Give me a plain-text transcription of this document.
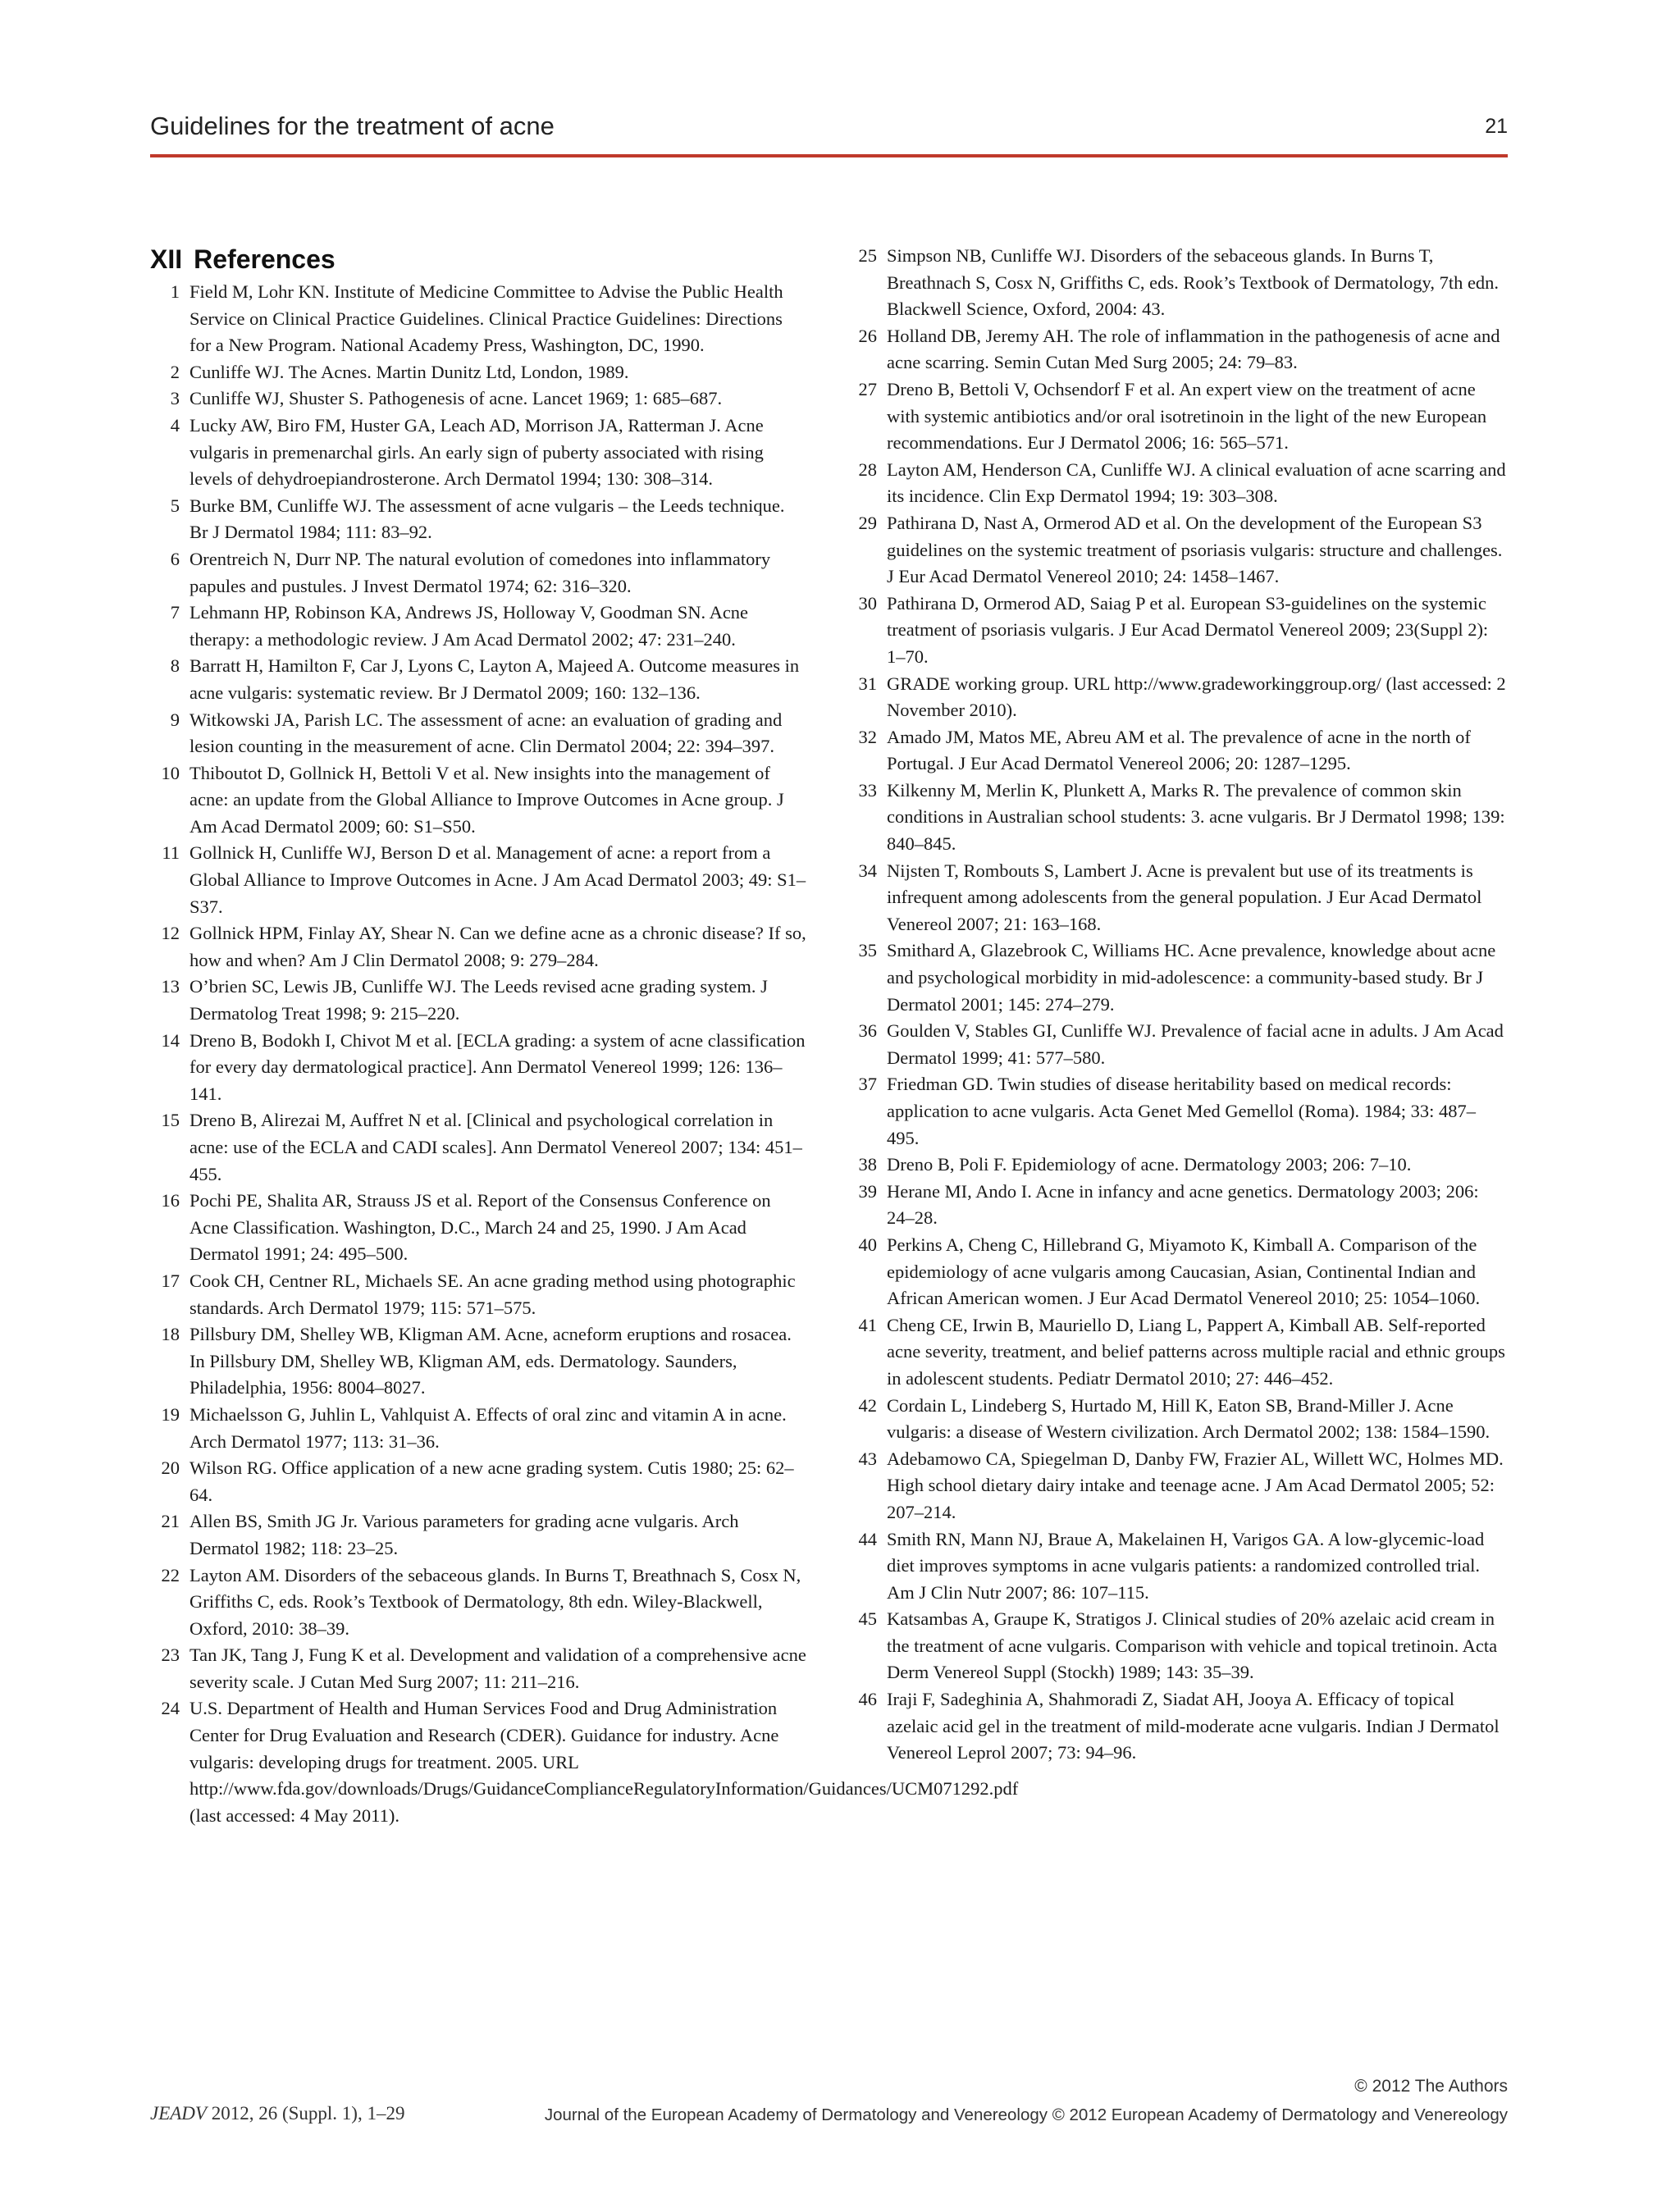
Guidelines for the treatment of acne	21
XII References

1 Field M, Lohr KN. Institute of Medicine Committee to Advise the Public Health Service on Clinical Practice Guidelines. Clinical Practice Guidelines: Directions for a New Program. National Academy Press, Washington, DC, 1990.

2 Cunliffe WJ. The Acnes. Martin Dunitz Ltd, London, 1989.

3 Cunliffe WJ, Shuster S. Pathogenesis of acne. Lancet 1969; 1: 685–687.

4 Lucky AW, Biro FM, Huster GA, Leach AD, Morrison JA, Ratterman J. Acne vulgaris in premenarchal girls. An early sign of puberty associated with rising levels of dehydroepiandrosterone. Arch Dermatol 1994; 130: 308–314.

5 Burke BM, Cunliffe WJ. The assessment of acne vulgaris – the Leeds technique. Br J Dermatol 1984; 111: 83–92.

6 Orentreich N, Durr NP. The natural evolution of comedones into inflammatory papules and pustules. J Invest Dermatol 1974; 62: 316–320.

7 Lehmann HP, Robinson KA, Andrews JS, Holloway V, Goodman SN. Acne therapy: a methodologic review. J Am Acad Dermatol 2002; 47: 231–240.

8 Barratt H, Hamilton F, Car J, Lyons C, Layton A, Majeed A. Outcome measures in acne vulgaris: systematic review. Br J Dermatol 2009; 160: 132–136.

9 Witkowski JA, Parish LC. The assessment of acne: an evaluation of grading and lesion counting in the measurement of acne. Clin Dermatol 2004; 22: 394–397.

10 Thiboutot D, Gollnick H, Bettoli V et al. New insights into the management of acne: an update from the Global Alliance to Improve Outcomes in Acne group. J Am Acad Dermatol 2009; 60: S1–S50.

11 Gollnick H, Cunliffe WJ, Berson D et al. Management of acne: a report from a Global Alliance to Improve Outcomes in Acne. J Am Acad Dermatol 2003; 49: S1–S37.

12 Gollnick HPM, Finlay AY, Shear N. Can we define acne as a chronic disease? If so, how and when? Am J Clin Dermatol 2008; 9: 279–284.

13 O’brien SC, Lewis JB, Cunliffe WJ. The Leeds revised acne grading system. J Dermatolog Treat 1998; 9: 215–220.

14 Dreno B, Bodokh I, Chivot M et al. [ECLA grading: a system of acne classification for every day dermatological practice]. Ann Dermatol Venereol 1999; 126: 136–141.

15 Dreno B, Alirezai M, Auffret N et al. [Clinical and psychological correlation in acne: use of the ECLA and CADI scales]. Ann Dermatol Venereol 2007; 134: 451–455.

16 Pochi PE, Shalita AR, Strauss JS et al. Report of the Consensus Conference on Acne Classification. Washington, D.C., March 24 and 25, 1990. J Am Acad Dermatol 1991; 24: 495–500.

17 Cook CH, Centner RL, Michaels SE. An acne grading method using photographic standards. Arch Dermatol 1979; 115: 571–575.

18 Pillsbury DM, Shelley WB, Kligman AM. Acne, acneform eruptions and rosacea. In Pillsbury DM, Shelley WB, Kligman AM, eds. Dermatology. Saunders, Philadelphia, 1956: 8004–8027.

19 Michaelsson G, Juhlin L, Vahlquist A. Effects of oral zinc and vitamin A in acne. Arch Dermatol 1977; 113: 31–36.

20 Wilson RG. Office application of a new acne grading system. Cutis 1980; 25: 62–64.

21 Allen BS, Smith JG Jr. Various parameters for grading acne vulgaris. Arch Dermatol 1982; 118: 23–25.

22 Layton AM. Disorders of the sebaceous glands. In Burns T, Breathnach S, Cosx N, Griffiths C, eds. Rook’s Textbook of Dermatology, 8th edn. Wiley-Blackwell, Oxford, 2010: 38–39.

23 Tan JK, Tang J, Fung K et al. Development and validation of a comprehensive acne severity scale. J Cutan Med Surg 2007; 11: 211–216.

24 U.S. Department of Health and Human Services Food and Drug Administration Center for Drug Evaluation and Research (CDER). Guidance for industry. Acne vulgaris: developing drugs for treatment. 2005. URL http://www.fda.gov/downloads/Drugs/GuidanceComplianceRegulatoryInformation/Guidances/UCM071292.pdf (last accessed: 4 May 2011).

25 Simpson NB, Cunliffe WJ. Disorders of the sebaceous glands. In Burns T, Breathnach S, Cosx N, Griffiths C, eds. Rook’s Textbook of Dermatology, 7th edn. Blackwell Science, Oxford, 2004: 43.

26 Holland DB, Jeremy AH. The role of inflammation in the pathogenesis of acne and acne scarring. Semin Cutan Med Surg 2005; 24: 79–83.

27 Dreno B, Bettoli V, Ochsendorf F et al. An expert view on the treatment of acne with systemic antibiotics and/or oral isotretinoin in the light of the new European recommendations. Eur J Dermatol 2006; 16: 565–571.

28 Layton AM, Henderson CA, Cunliffe WJ. A clinical evaluation of acne scarring and its incidence. Clin Exp Dermatol 1994; 19: 303–308.

29 Pathirana D, Nast A, Ormerod AD et al. On the development of the European S3 guidelines on the systemic treatment of psoriasis vulgaris: structure and challenges. J Eur Acad Dermatol Venereol 2010; 24: 1458–1467.

30 Pathirana D, Ormerod AD, Saiag P et al. European S3-guidelines on the systemic treatment of psoriasis vulgaris. J Eur Acad Dermatol Venereol 2009; 23(Suppl 2): 1–70.

31 GRADE working group. URL http://www.gradeworkinggroup.org/ (last accessed: 2 November 2010).

32 Amado JM, Matos ME, Abreu AM et al. The prevalence of acne in the north of Portugal. J Eur Acad Dermatol Venereol 2006; 20: 1287–1295.

33 Kilkenny M, Merlin K, Plunkett A, Marks R. The prevalence of common skin conditions in Australian school students: 3. acne vulgaris. Br J Dermatol 1998; 139: 840–845.

34 Nijsten T, Rombouts S, Lambert J. Acne is prevalent but use of its treatments is infrequent among adolescents from the general population. J Eur Acad Dermatol Venereol 2007; 21: 163–168.

35 Smithard A, Glazebrook C, Williams HC. Acne prevalence, knowledge about acne and psychological morbidity in mid-adolescence: a community-based study. Br J Dermatol 2001; 145: 274–279.

36 Goulden V, Stables GI, Cunliffe WJ. Prevalence of facial acne in adults. J Am Acad Dermatol 1999; 41: 577–580.

37 Friedman GD. Twin studies of disease heritability based on medical records: application to acne vulgaris. Acta Genet Med Gemellol (Roma). 1984; 33: 487–495.

38 Dreno B, Poli F. Epidemiology of acne. Dermatology 2003; 206: 7–10.

39 Herane MI, Ando I. Acne in infancy and acne genetics. Dermatology 2003; 206: 24–28.

40 Perkins A, Cheng C, Hillebrand G, Miyamoto K, Kimball A. Comparison of the epidemiology of acne vulgaris among Caucasian, Asian, Continental Indian and African American women. J Eur Acad Dermatol Venereol 2010; 25: 1054–1060.

41 Cheng CE, Irwin B, Mauriello D, Liang L, Pappert A, Kimball AB. Self-reported acne severity, treatment, and belief patterns across multiple racial and ethnic groups in adolescent students. Pediatr Dermatol 2010; 27: 446–452.

42 Cordain L, Lindeberg S, Hurtado M, Hill K, Eaton SB, Brand-Miller J. Acne vulgaris: a disease of Western civilization. Arch Dermatol 2002; 138: 1584–1590.

43 Adebamowo CA, Spiegelman D, Danby FW, Frazier AL, Willett WC, Holmes MD. High school dietary dairy intake and teenage acne. J Am Acad Dermatol 2005; 52: 207–214.

44 Smith RN, Mann NJ, Braue A, Makelainen H, Varigos GA. A low-glycemic-load diet improves symptoms in acne vulgaris patients: a randomized controlled trial. Am J Clin Nutr 2007; 86: 107–115.

45 Katsambas A, Graupe K, Stratigos J. Clinical studies of 20% azelaic acid cream in the treatment of acne vulgaris. Comparison with vehicle and topical tretinoin. Acta Derm Venereol Suppl (Stockh) 1989; 143: 35–39.

46 Iraji F, Sadeghinia A, Shahmoradi Z, Siadat AH, Jooya A. Efficacy of topical azelaic acid gel in the treatment of mild-moderate acne vulgaris. Indian J Dermatol Venereol Leprol 2007; 73: 94–96.

© 2012 The Authors
JEADV 2012, 26 (Suppl. 1), 1–29	Journal of the European Academy of Dermatology and Venereology © 2012 European Academy of Dermatology and Venereology
